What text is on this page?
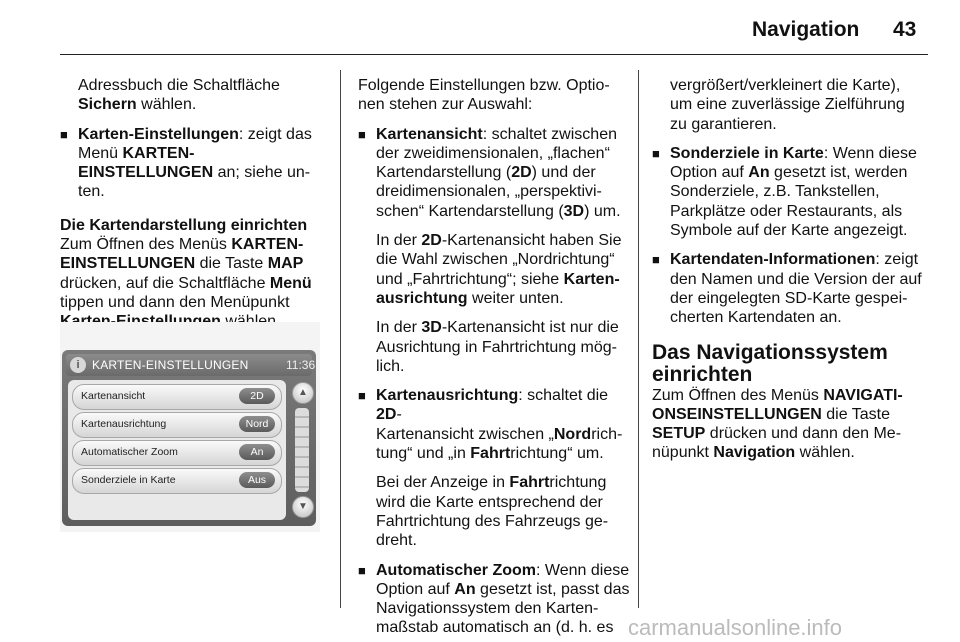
Navigation 43

Adressbuch die Schaltfläche
Sichern wählen.

■ Karten-Einstellungen: zeigt das
Menü KARTEN-
EINSTELLUNGEN an; siehe un-
ten.

Die Kartendarstellung einrichten

Zum Öffnen des Menüs KARTEN-
EINSTELLUNGEN die Taste MAP
drücken, auf die Schaltfläche Menü
tippen und dann den Menüpunkt

i	KARTEN-EINSTELLUNGEN	11:36
Kartenansicht	2D
Kartenausrichtung	Nord
Automatischer Zoom	An
Sonderziele in Karte	Aus
▲
▼

Folgende Einstellungen bzw. Optio-
nen stehen zur Auswahl:

■ Kartenansicht: schaltet zwischen
der zweidimensionalen, „flachen“
Kartendarstellung (2D) und der
dreidimensionalen, „perspektivi-
schen“ Kartendarstellung (3D) um.

In der 2D-Kartenansicht haben Sie
die Wahl zwischen „Nordrichtung“
und „Fahrtrichtung“; siehe Karten-
ausrichtung weiter unten.

In der 3D-Kartenansicht ist nur die
Ausrichtung in Fahrtrichtung mög-
lich.

■ Kartenausrichtung: schaltet die 2D-
Kartenansicht zwischen „Nordrich-
tung“ und „in Fahrtrichtung“ um.

Bei der Anzeige in Fahrtrichtung
wird die Karte entsprechend der
Fahrtrichtung des Fahrzeugs ge-
dreht.

■ Automatischer Zoom: Wenn diese
Option auf An gesetzt ist, passt das
Navigationssystem den Karten-
maßstab automatisch an (d. h. es

vergrößert/verkleinert die Karte),
um eine zuverlässige Zielführung
zu garantieren.

■ Sonderziele in Karte: Wenn diese
Option auf An gesetzt ist, werden
Sonderziele, z.B. Tankstellen,
Parkplätze oder Restaurants, als
Symbole auf der Karte angezeigt.

■ Kartendaten-Informationen: zeigt
den Namen und die Version der auf
der eingelegten SD-Karte gespei-
cherten Kartendaten an.

Das Navigationssystem
einrichten

Zum Öffnen des Menüs NAVIGATI-
ONSEINSTELLUNGEN die Taste
SETUP drücken und dann den Me-
nüpunkt Navigation wählen.

carmanualsonline.info
